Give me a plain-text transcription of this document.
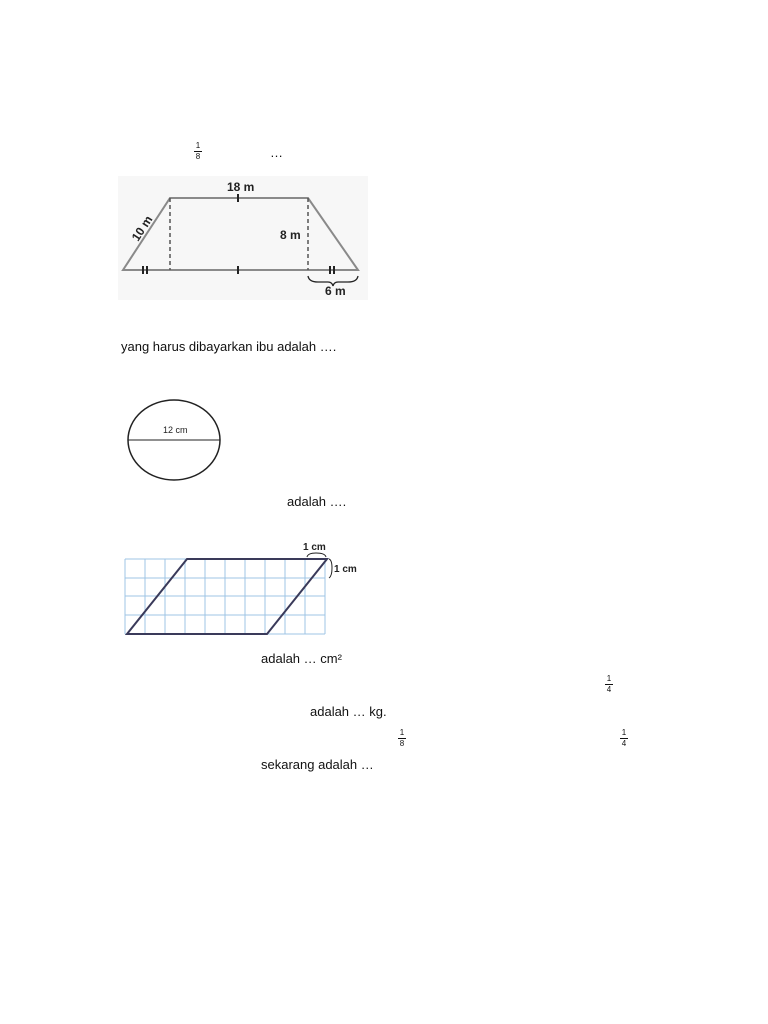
1
8	…
18 m
8 m
6 m
10 m
yang harus dibayarkan ibu adalah ….
12 cm
adalah ….
1 cm
1 cm
adalah … cm²
1
4
adalah … kg.
1
8
1
4
sekarang adalah …
